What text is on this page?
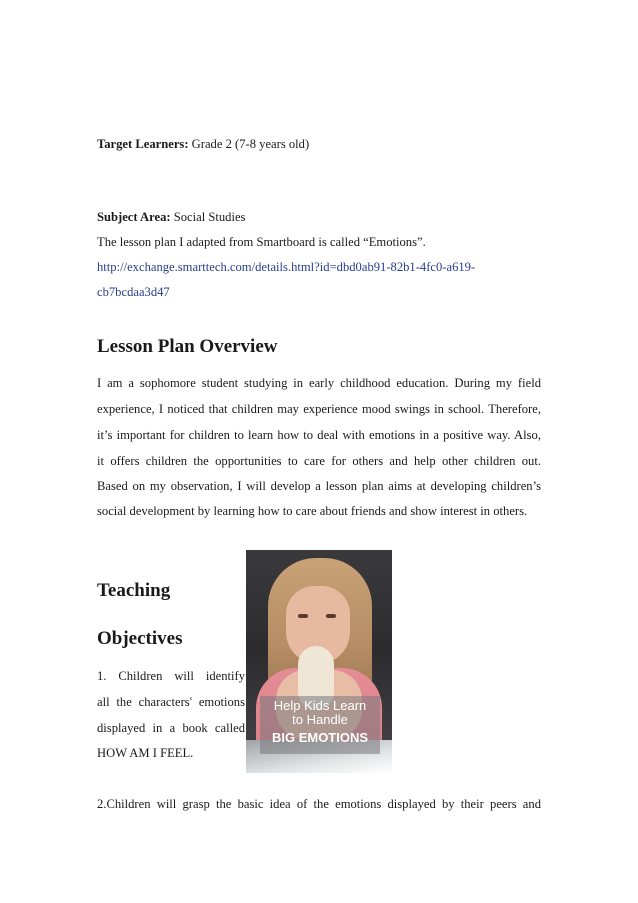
Target Learners: Grade 2 (7-8 years old)
Subject Area: Social Studies
The lesson plan I adapted from Smartboard is called “Emotions”.
http://exchange.smarttech.com/details.html?id=dbd0ab91-82b1-4fc0-a619-
cb7bcdaa3d47
Lesson Plan Overview
I am a sophomore student studying in early childhood education. During my field
experience, I noticed that children may experience mood swings in school. Therefore,
it’s important for children to learn how to deal with emotions in a positive way. Also,
it offers children the opportunities to care for others and help other children out.
Based on my observation, I will develop a lesson plan aims at developing children’s
social development by learning how to care about friends and show interest in others.
Teaching
Objectives
1. Children will identify
all the characters' emotions
displayed in a book called
HOW AM I FEEL.
2.Children will grasp the basic idea of the emotions displayed by their peers and
Help Kids Learn
to Handle
BIG EMOTIONS
sponsored
